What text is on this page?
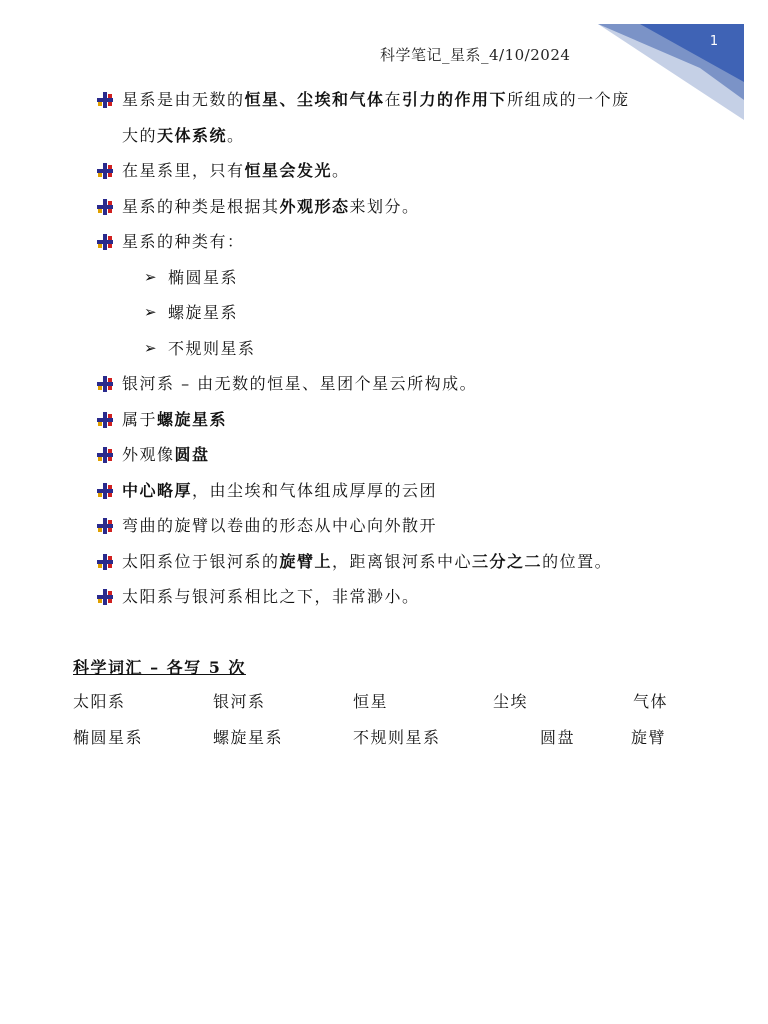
1
科学笔记_星系_4/10/2024
星系是由无数的恒星、尘埃和气体在引力的作用下所组成的一个庞
大的天体系统。
在星系里，只有恒星会发光。
星系的种类是根据其外观形态来划分。
星系的种类有：
➢ 椭圆星系
➢ 螺旋星系
➢ 不规则星系
银河系 – 由无数的恒星、星团个星云所构成。
属于螺旋星系
外观像圆盘
中心略厚，由尘埃和气体组成厚厚的云团
弯曲的旋臂以卷曲的形态从中心向外散开
太阳系位于银河系的旋臂上，距离银河系中心三分之二的位置。
太阳系与银河系相比之下，非常渺小。
科学词汇 – 各写 5 次
太阳系	银河系	恒星	尘埃	气体
椭圆星系	螺旋星系	不规则星系	圆盘	旋臂
